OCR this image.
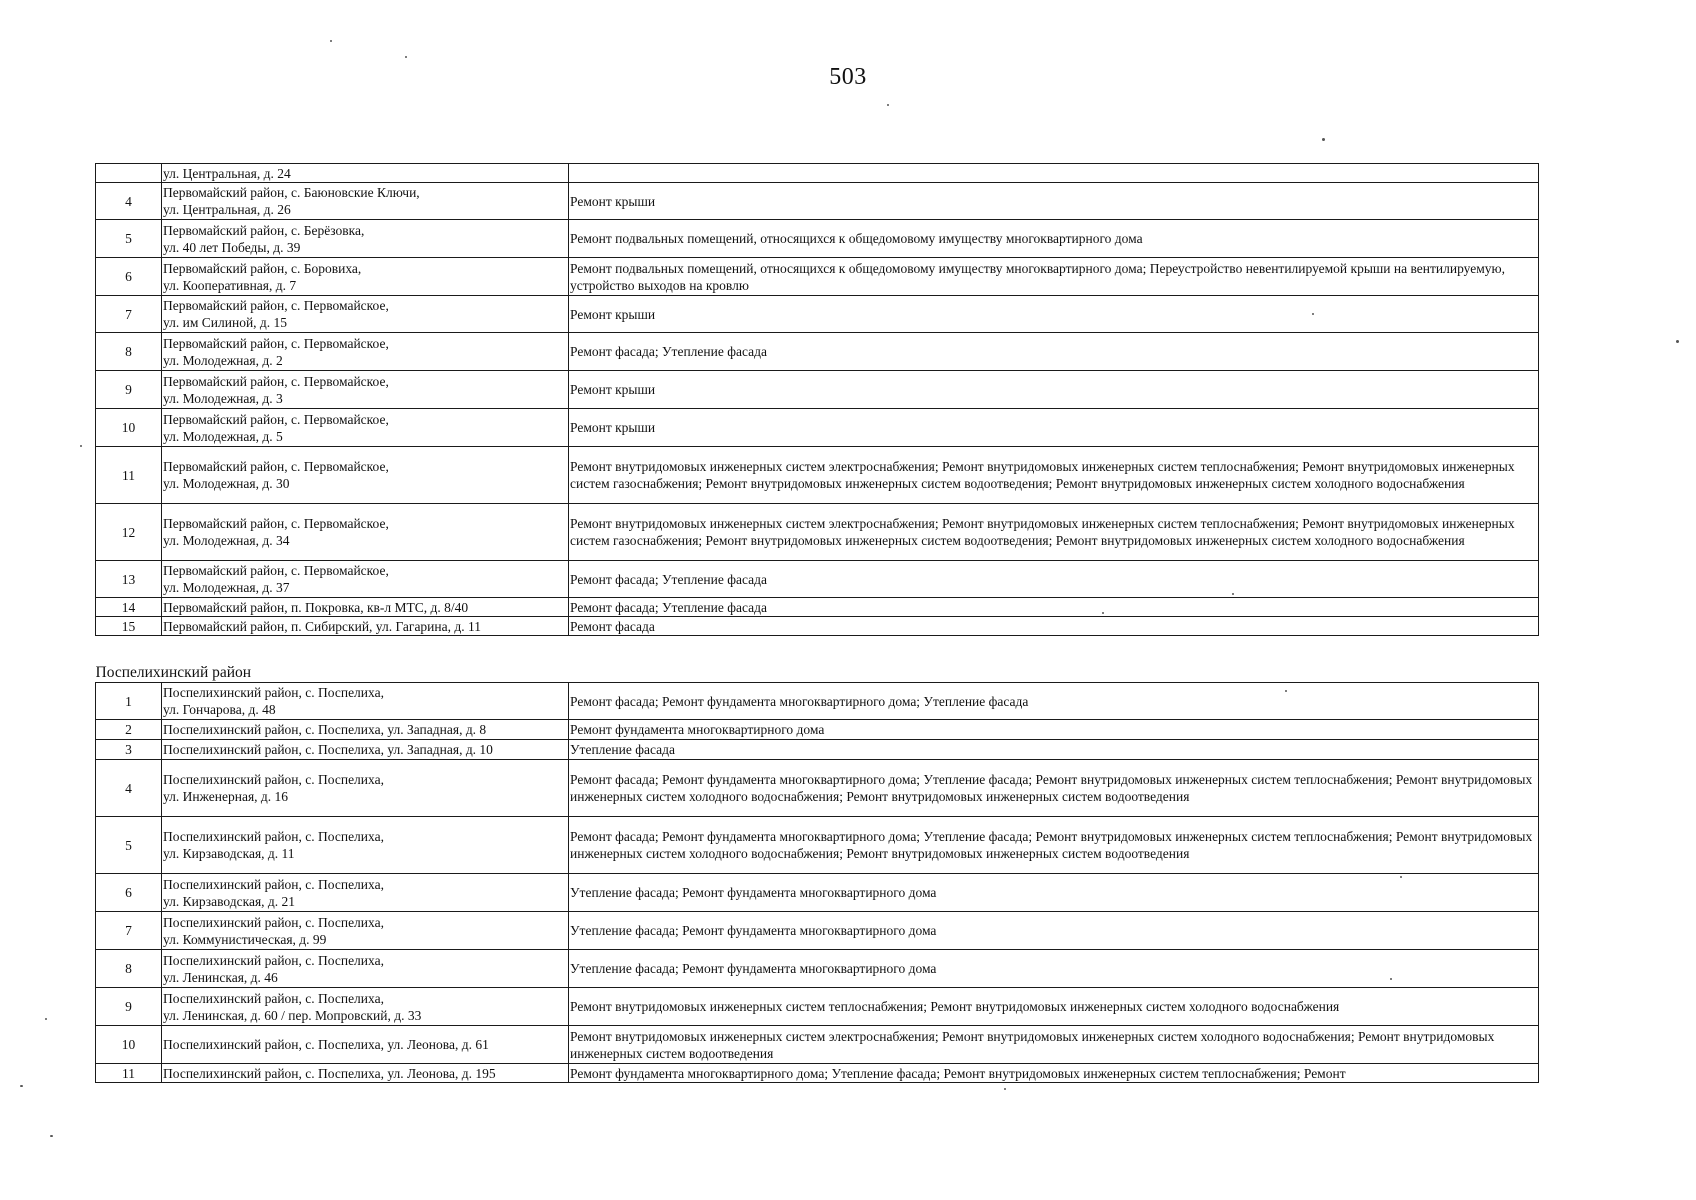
503

	ул. Центральная, д. 24	

4	Первомайский район, с. Баюновские Ключи,
ул. Центральная, д. 26	Ремонт крыши
5	Первомайский район, с. Берёзовка,
ул. 40 лет Победы, д. 39	Ремонт подвальных помещений, относящихся к общедомовому имуществу многоквартирного дома
6	Первомайский район, с. Боровиха,
ул. Кооперативная, д. 7	Ремонт подвальных помещений, относящихся к общедомовому имуществу многоквартирного дома; Переустройство невентилируемой крыши на вентилируемую, устройство выходов на кровлю
7	Первомайский район, с. Первомайское,
ул. им Силиной, д. 15	Ремонт крыши
8	Первомайский район, с. Первомайское,
ул. Молодежная, д. 2	Ремонт фасада; Утепление фасада
9	Первомайский район, с. Первомайское,
ул. Молодежная, д. 3	Ремонт крыши
10	Первомайский район, с. Первомайское,
ул. Молодежная, д. 5	Ремонт крыши
11	Первомайский район, с. Первомайское,
ул. Молодежная, д. 30	Ремонт внутридомовых инженерных систем электроснабжения; Ремонт внутридомовых инженерных систем теплоснабжения; Ремонт внутридомовых инженерных систем газоснабжения; Ремонт внутридомовых инженерных систем водоотведения; Ремонт внутридомовых инженерных систем холодного водоснабжения
12	Первомайский район, с. Первомайское,
ул. Молодежная, д. 34	Ремонт внутридомовых инженерных систем электроснабжения; Ремонт внутридомовых инженерных систем теплоснабжения; Ремонт внутридомовых инженерных систем газоснабжения; Ремонт внутридомовых инженерных систем водоотведения; Ремонт внутридомовых инженерных систем холодного водоснабжения
13	Первомайский район, с. Первомайское,
ул. Молодежная, д. 37	Ремонт фасада; Утепление фасада
14	Первомайский район, п. Покровка, кв-л МТС, д. 8/40	Ремонт фасада; Утепление фасада
15	Первомайский район, п. Сибирский, ул. Гагарина, д. 11	Ремонт фасада
Поспелихинский район		
1	Поспелихинский район, с. Поспелиха,
ул. Гончарова, д. 48	Ремонт фасада; Ремонт фундамента многоквартирного дома; Утепление фасада
2	Поспелихинский район, с. Поспелиха, ул. Западная, д. 8	Ремонт фундамента многоквартирного дома
3	Поспелихинский район, с. Поспелиха, ул. Западная, д. 10	Утепление фасада
4	Поспелихинский район, с. Поспелиха,
ул. Инженерная, д. 16	Ремонт фасада; Ремонт фундамента многоквартирного дома; Утепление фасада; Ремонт внутридомовых инженерных систем теплоснабжения; Ремонт внутридомовых инженерных систем холодного водоснабжения; Ремонт внутридомовых инженерных систем водоотведения
5	Поспелихинский район, с. Поспелиха,
ул. Кирзаводская, д. 11	Ремонт фасада; Ремонт фундамента многоквартирного дома; Утепление фасада; Ремонт внутридомовых инженерных систем теплоснабжения; Ремонт внутридомовых инженерных систем холодного водоснабжения; Ремонт внутридомовых инженерных систем водоотведения
6	Поспелихинский район, с. Поспелиха,
ул. Кирзаводская, д. 21	Утепление фасада; Ремонт фундамента многоквартирного дома
7	Поспелихинский район, с. Поспелиха,
ул. Коммунистическая, д. 99	Утепление фасада; Ремонт фундамента многоквартирного дома
8	Поспелихинский район, с. Поспелиха,
ул. Ленинская, д. 46	Утепление фасада; Ремонт фундамента многоквартирного дома
9	Поспелихинский район, с. Поспелиха,
ул. Ленинская, д. 60 / пер. Мопровский, д. 33	Ремонт внутридомовых инженерных систем теплоснабжения; Ремонт внутридомовых инженерных систем холодного водоснабжения
10	Поспелихинский район, с. Поспелиха, ул. Леонова, д. 61	Ремонт внутридомовых инженерных систем электроснабжения; Ремонт внутридомовых инженерных систем холодного водоснабжения; Ремонт внутридомовых инженерных систем водоотведения
11	Поспелихинский район, с. Поспелиха, ул. Леонова, д. 195	Ремонт фундамента многоквартирного дома; Утепление фасада; Ремонт внутридомовых инженерных систем теплоснабжения; Ремонт
